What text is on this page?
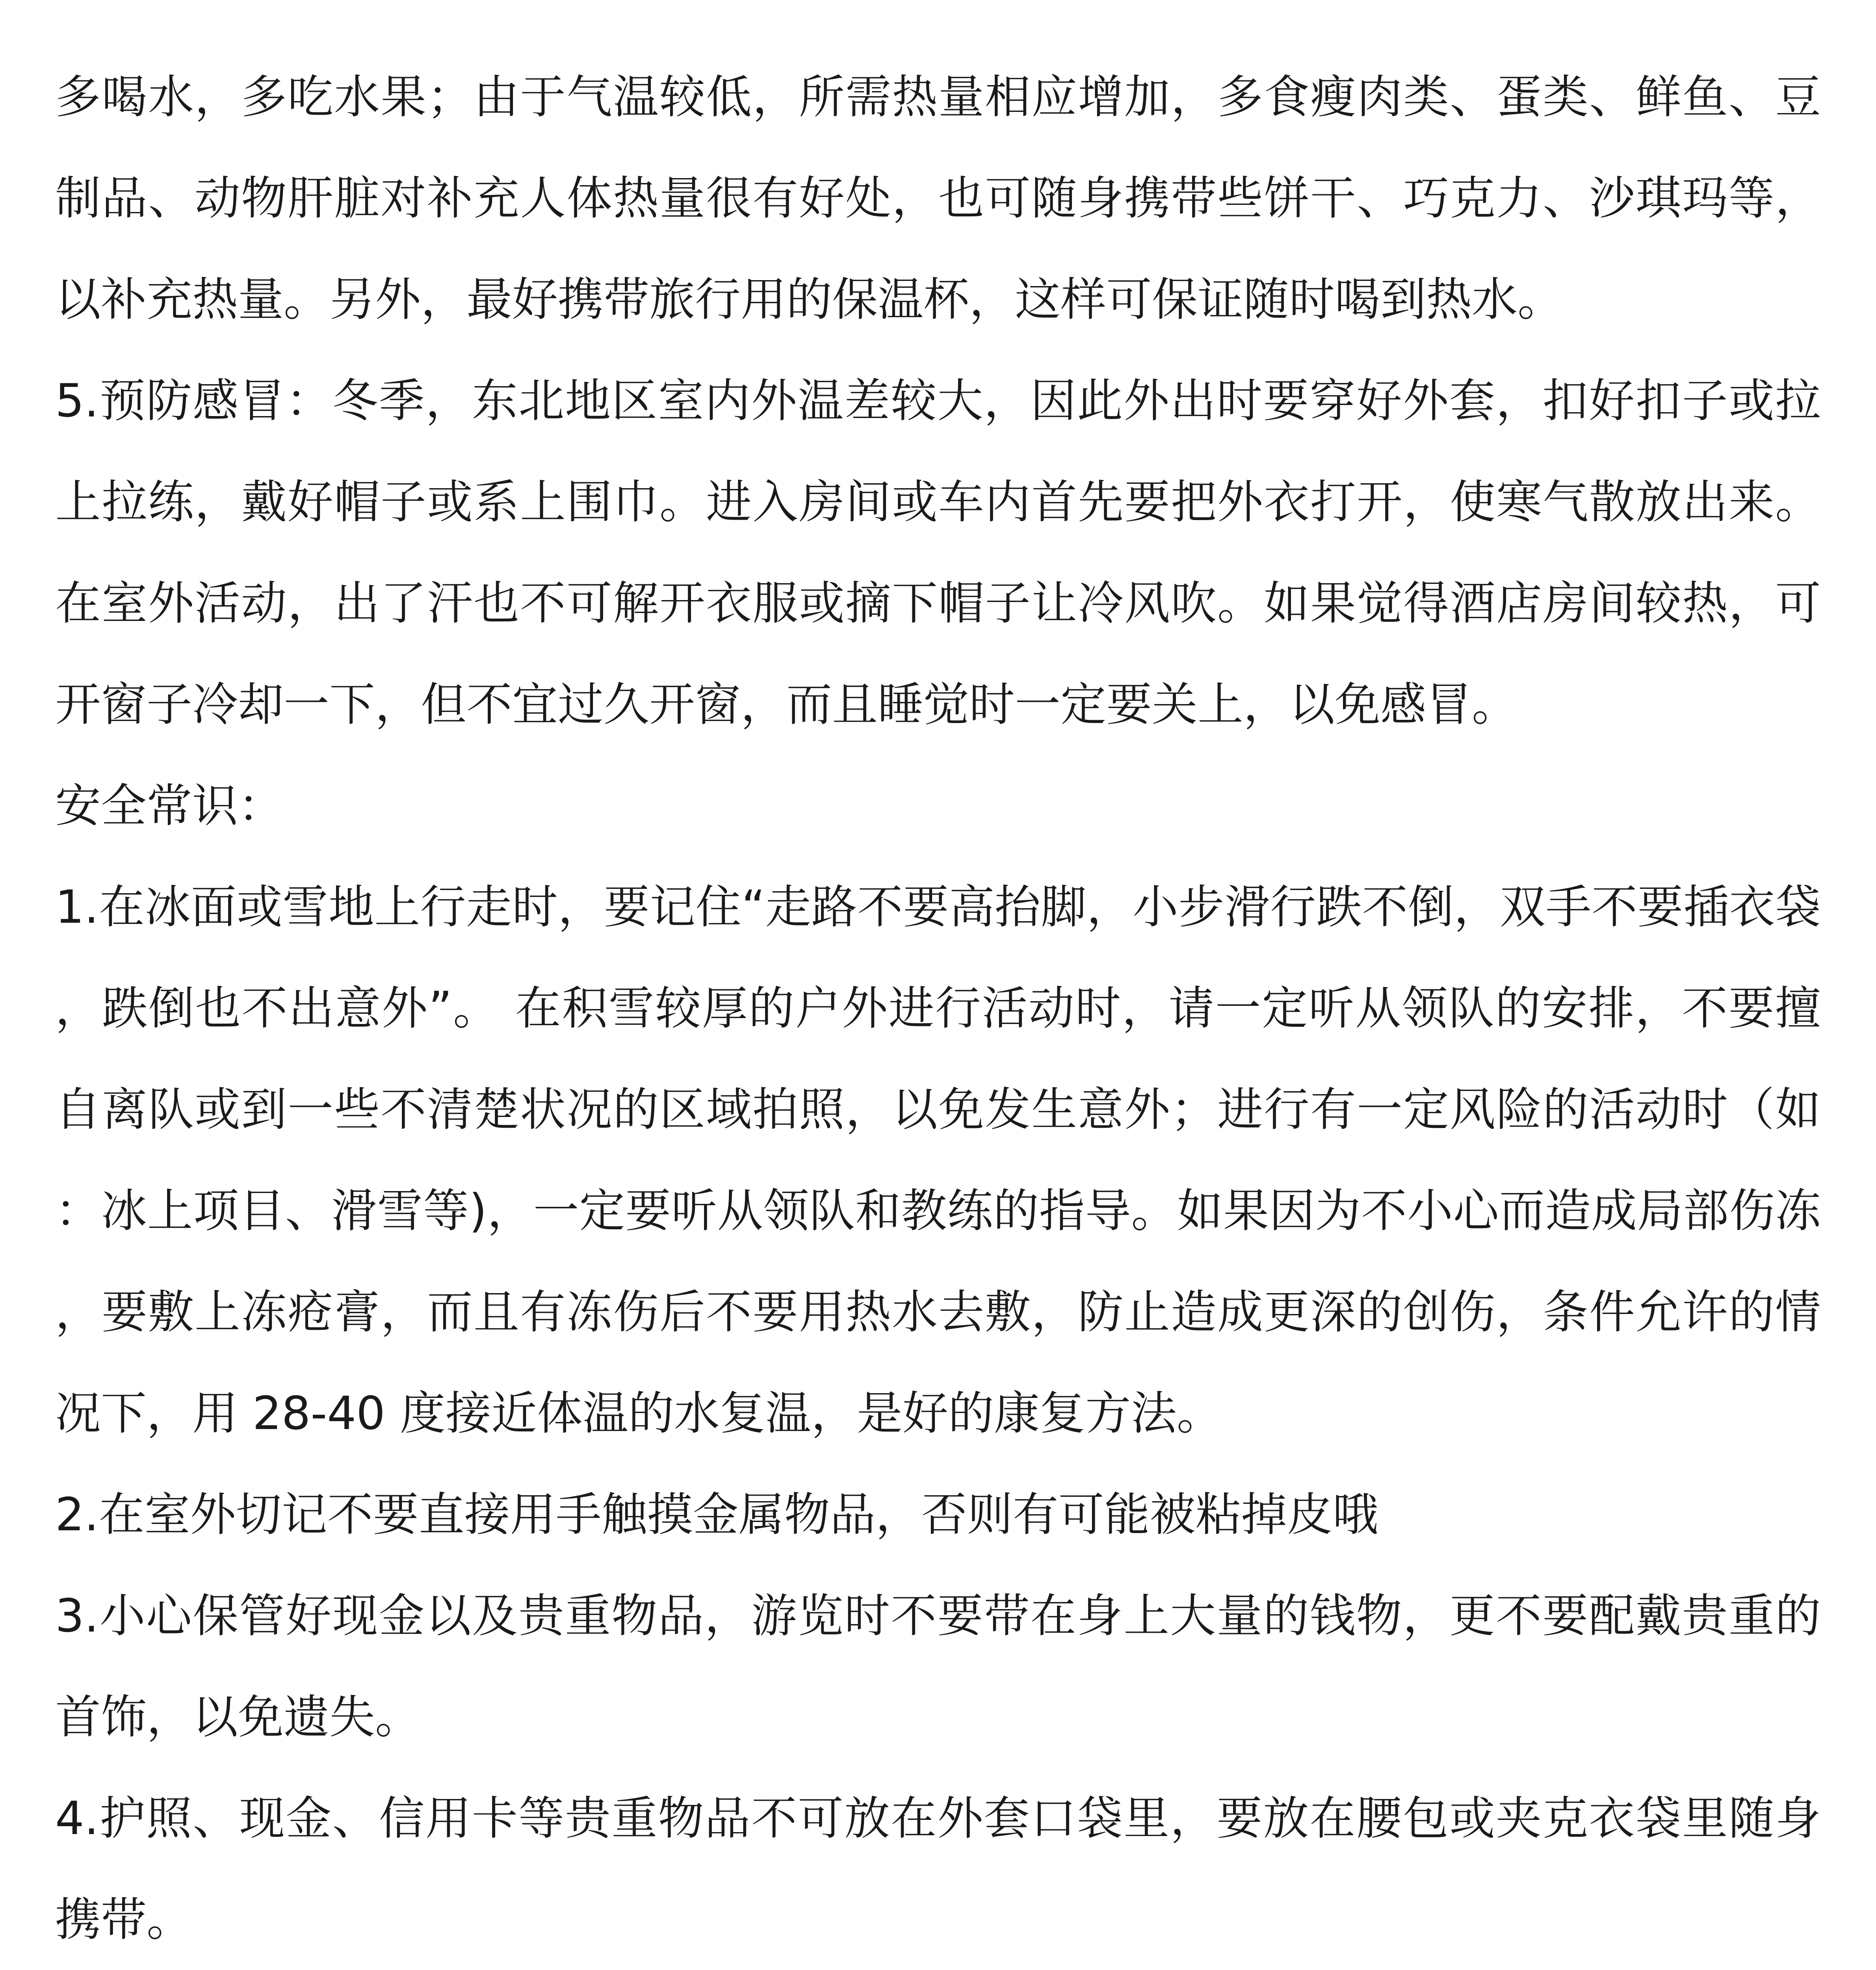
多喝水，多吃水果；由于气温较低，所需热量相应增加，多食瘦肉类、蛋类、鲜鱼、豆制品、动物肝脏对补充人体热量很有好处，也可随身携带些饼干、巧克力、沙琪玛等，以补充热量。另外，最好携带旅行用的保温杯，这样可保证随时喝到热水。

5.预防感冒：冬季，东北地区室内外温差较大，因此外出时要穿好外套，扣好扣子或拉上拉练，戴好帽子或系上围巾。进入房间或车内首先要把外衣打开，使寒气散放出来。在室外活动，出了汗也不可解开衣服或摘下帽子让冷风吹。如果觉得酒店房间较热，可开窗子冷却一下，但不宜过久开窗，而且睡觉时一定要关上，以免感冒。

安全常识：

1.在冰面或雪地上行走时，要记住“走路不要高抬脚，小步滑行跌不倒，双手不要插衣袋，跌倒也不出意外”。 在积雪较厚的户外进行活动时，请一定听从领队的安排，不要擅自离队或到一些不清楚状况的区域拍照，以免发生意外；进行有一定风险的活动时（如：冰上项目、滑雪等)，一定要听从领队和教练的指导。如果因为不小心而造成局部伤冻，要敷上冻疮膏，而且有冻伤后不要用热水去敷，防止造成更深的创伤，条件允许的情况下，用 28-40 度接近体温的水复温，是好的康复方法。

2.在室外切记不要直接用手触摸金属物品，否则有可能被粘掉皮哦

3.小心保管好现金以及贵重物品，游览时不要带在身上大量的钱物，更不要配戴贵重的首饰，以免遗失。

4.护照、现金、信用卡等贵重物品不可放在外套口袋里，要放在腰包或夹克衣袋里随身携带。
